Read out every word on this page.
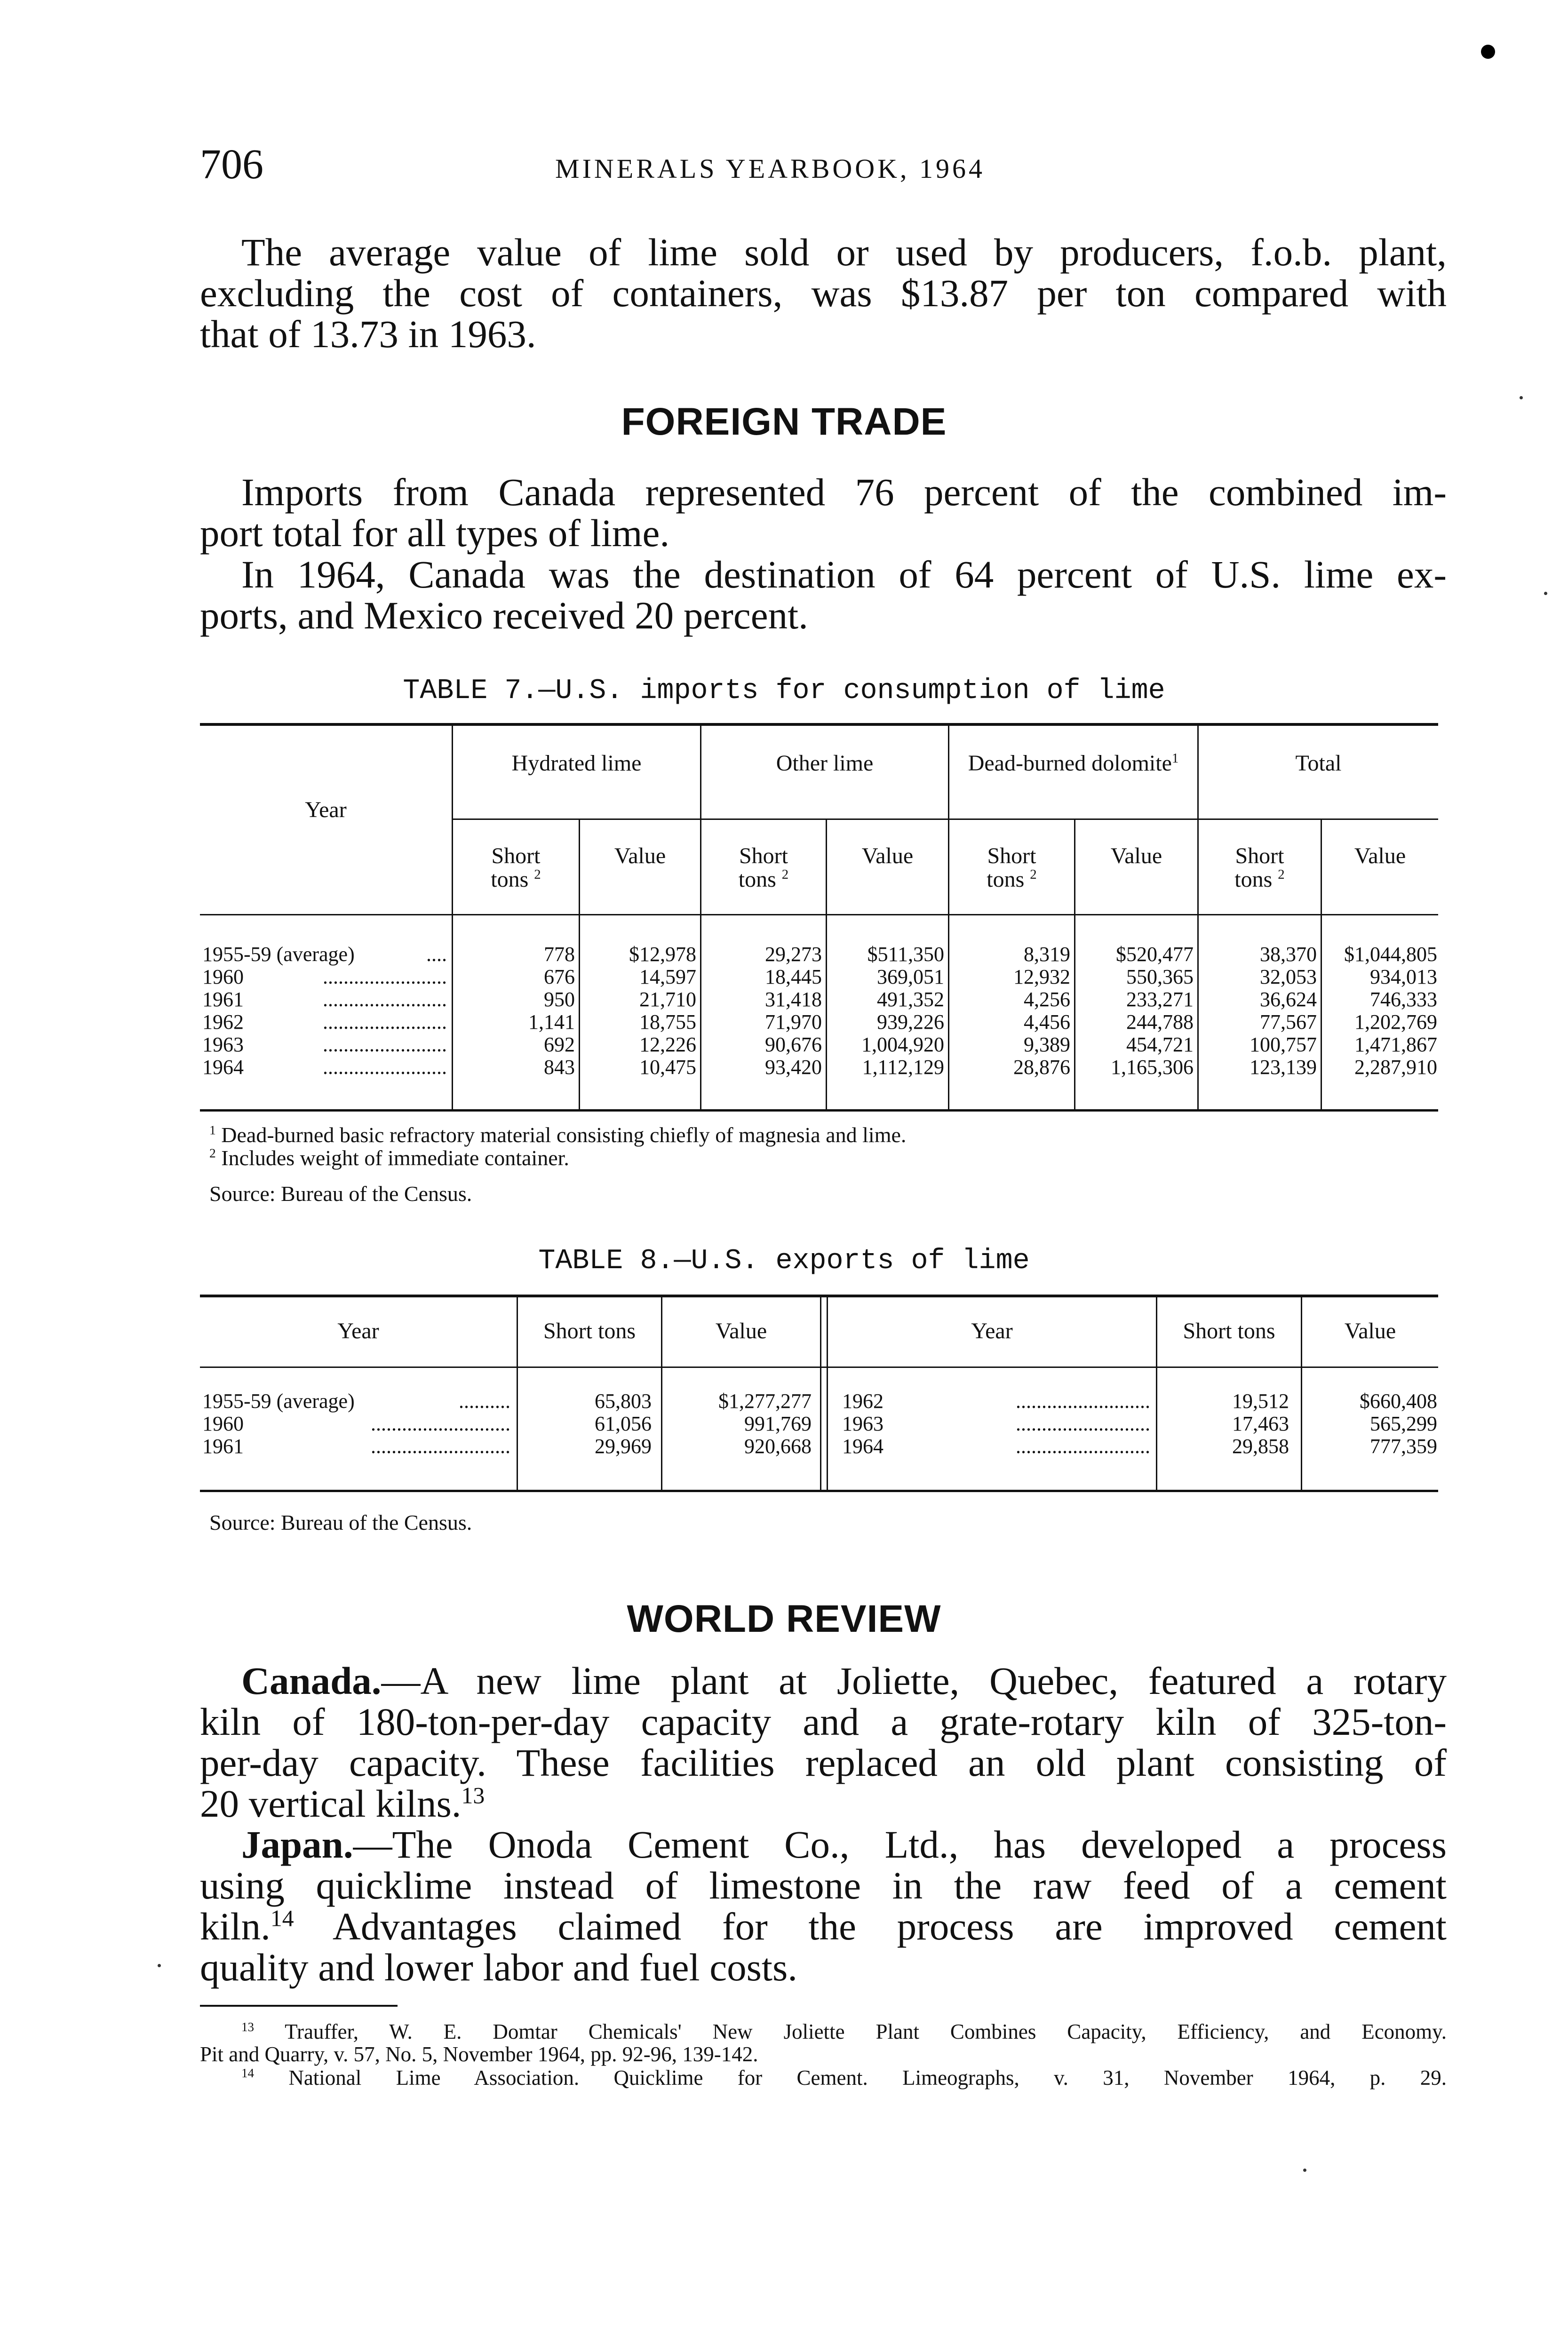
706	MINERALS YEARBOOK, 1964
The average value of lime sold or used by producers, f.o.b. plant,
excluding the cost of containers, was $13.87 per ton compared with
that of 13.73 in 1963.
FOREIGN TRADE
Imports from Canada represented 76 percent of the combined im-
port total for all types of lime.
In 1964, Canada was the destination of 64 percent of U.S. lime ex-
ports, and Mexico received 20 percent.
TABLE 7.—U.S. imports for consumption of lime
Year
Hydrated lime	Other lime	Dead-burned dolomite$^1$	Total
Short
tons $^2$
Value	Short
tons $^2$
Value	Short
tons $^2$
Value	Short
tons $^2$
Value
1955-59 (average)	....	778	$12,978	29,273 $511,350	8,319 $520,477	38,370 $1,044,805
1960	........................	676	14,597	18,445	369,051	12,932	550,365	32,053	934,013
1961	........................	950	21,710	31,418	491,352	4,256	233,271	36,624	746,333
1962	........................	1,141	18,755	71,970	939,226	4,456	244,788	77,567 1,202,769
1963	........................	692	12,226	90,676 1,004,920	9,389	454,721	100,757 1,471,867
1964	........................	843	10,475	93,420 1,112,129	28,876 1,165,306	123,139 2,287,910
$^1$ Dead-burned basic refractory material consisting chiefly of magnesia and lime.
$^2$ Includes weight of immediate container.
Source: Bureau of the Census.
TABLE 8.—U.S. exports of lime
Year	Short tons	Value	Year	Short tons	Value
1955-59 (average)	..........	65,803	$1,277,277
1960	...........................	61,056	991,769
1961	...........................	29,969	920,668
1962	..........................	19,512	$660,408
1963	..........................	17,463	565,299
1964	..........................	29,858	777,359
Source: Bureau of the Census.
WORLD REVIEW
Canada.—A new lime plant at Joliette, Quebec, featured a rotary
kiln of 180-ton-per-day capacity and a grate-rotary kiln of 325-ton-
per-day capacity. These facilities replaced an old plant consisting of
20 vertical kilns.$^{13}$
Japan.—The Onoda Cement Co., Ltd., has developed a process
using quicklime instead of limestone in the raw feed of a cement
kiln.$^{14}$ Advantages claimed for the process are improved cement
quality and lower labor and fuel costs.
$^{13}$ Trauffer, W. E. Domtar Chemicals' New Joliette Plant Combines Capacity, Efficiency, and Economy.
Pit and Quarry, v. 57, No. 5, November 1964, pp. 92-96, 139-142.
$^{14}$ National Lime Association. Quicklime for Cement. Limeographs, v. 31, November 1964, p. 29.
